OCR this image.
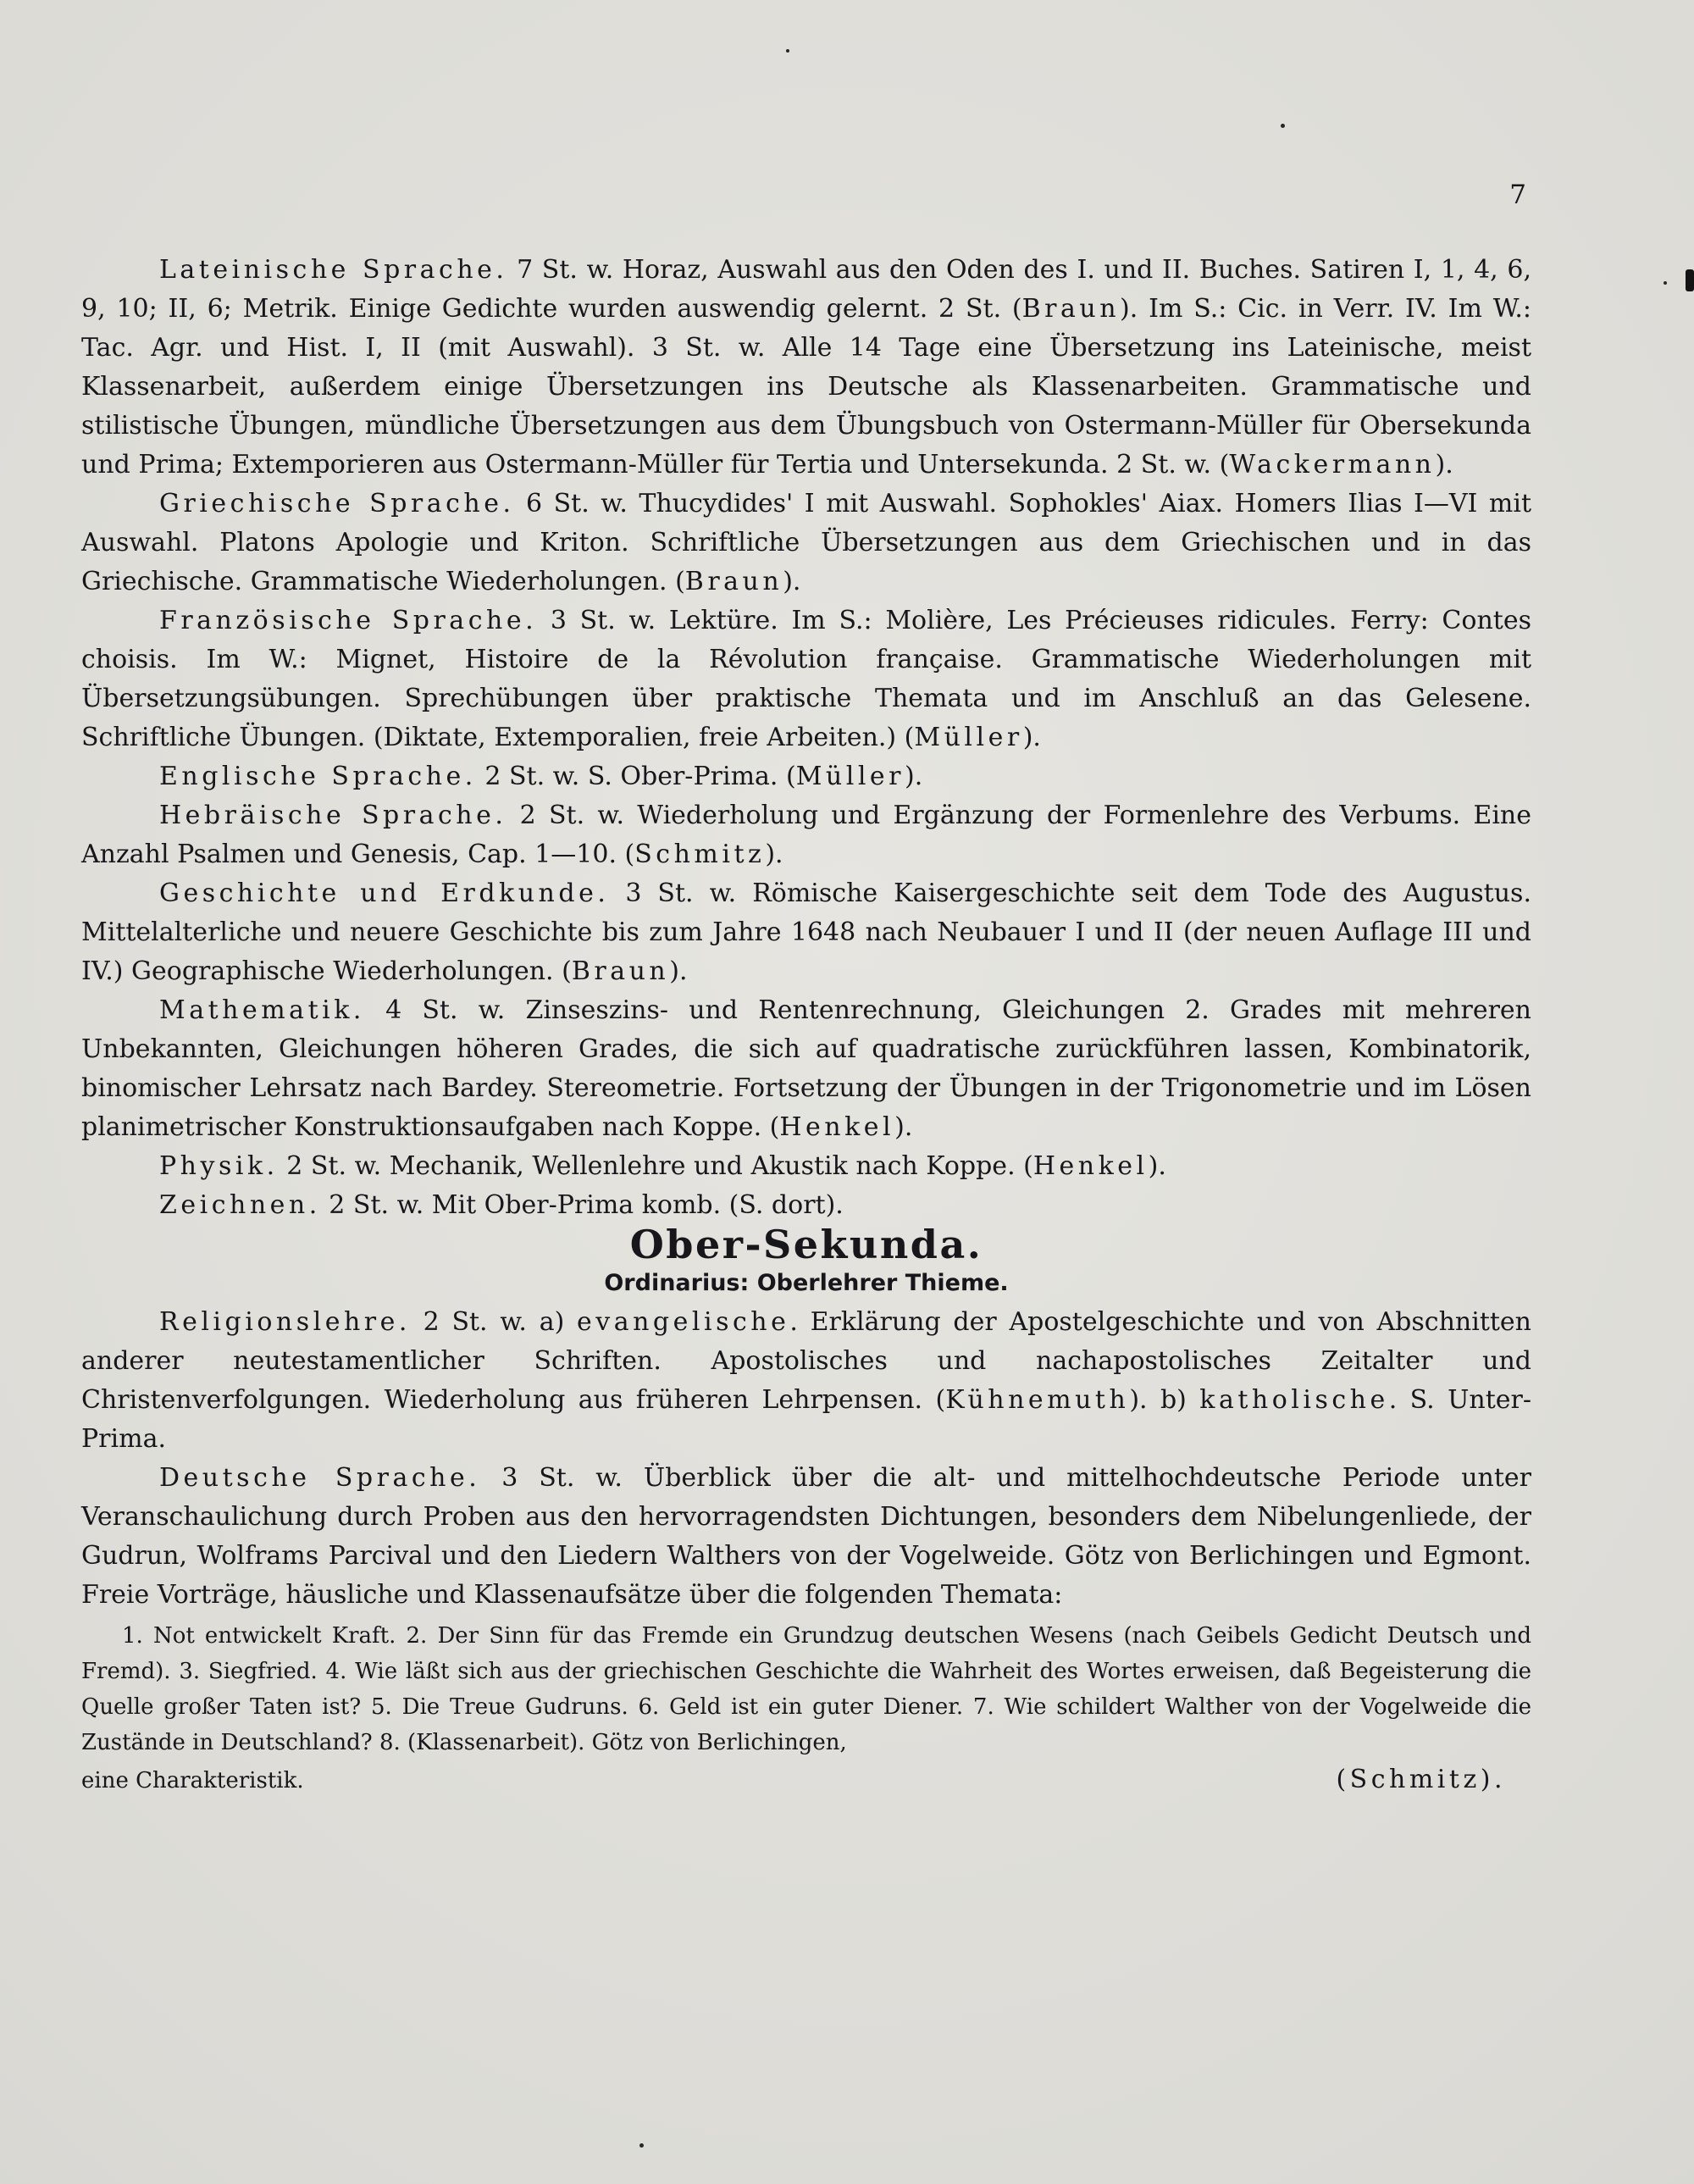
7

Lateinische Sprache. 7 St. w. Horaz, Auswahl aus den Oden des I. und II. Buches. Satiren I, 1, 4, 6, 9, 10; II, 6; Metrik. Einige Gedichte wurden auswendig gelernt. 2 St. (Braun). Im S.: Cic. in Verr. IV. Im W.: Tac. Agr. und Hist. I, II (mit Auswahl). 3 St. w. Alle 14 Tage eine Übersetzung ins Lateinische, meist Klassenarbeit, außerdem einige Übersetzungen ins Deutsche als Klassenarbeiten. Grammatische und stilistische Übungen, mündliche Übersetzungen aus dem Übungsbuch von Ostermann-Müller für Obersekunda und Prima; Extemporieren aus Ostermann-Müller für Tertia und Untersekunda. 2 St. w. (Wackermann).

Griechische Sprache. 6 St. w. Thucydides' I mit Auswahl. Sophokles' Aiax. Homers Ilias I—VI mit Auswahl. Platons Apologie und Kriton. Schriftliche Übersetzungen aus dem Griechischen und in das Griechische. Grammatische Wiederholungen. (Braun).

Französische Sprache. 3 St. w. Lektüre. Im S.: Molière, Les Précieuses ridicules. Ferry: Contes choisis. Im W.: Mignet, Histoire de la Révolution française. Grammatische Wiederholungen mit Übersetzungsübungen. Sprechübungen über praktische Themata und im Anschluß an das Gelesene. Schriftliche Übungen. (Diktate, Extemporalien, freie Arbeiten.) (Müller).

Englische Sprache. 2 St. w. S. Ober-Prima. (Müller).

Hebräische Sprache. 2 St. w. Wiederholung und Ergänzung der Formenlehre des Verbums. Eine Anzahl Psalmen und Genesis, Cap. 1—10. (Schmitz).

Geschichte und Erdkunde. 3 St. w. Römische Kaisergeschichte seit dem Tode des Augustus. Mittelalterliche und neuere Geschichte bis zum Jahre 1648 nach Neubauer I und II (der neuen Auflage III und IV.) Geographische Wiederholungen. (Braun).

Mathematik. 4 St. w. Zinseszins- und Rentenrechnung, Gleichungen 2. Grades mit mehreren Unbekannten, Gleichungen höheren Grades, die sich auf quadratische zurückführen lassen, Kombinatorik, binomischer Lehrsatz nach Bardey. Stereometrie. Fortsetzung der Übungen in der Trigonometrie und im Lösen planimetrischer Konstruktionsaufgaben nach Koppe. (Henkel).

Physik. 2 St. w. Mechanik, Wellenlehre und Akustik nach Koppe. (Henkel).

Zeichnen. 2 St. w. Mit Ober-Prima komb. (S. dort).

Ober-Sekunda.
Ordinarius: Oberlehrer Thieme.

Religionslehre. 2 St. w. a) evangelische. Erklärung der Apostelgeschichte und von Abschnitten anderer neutestamentlicher Schriften. Apostolisches und nachapostolisches Zeitalter und Christenverfolgungen. Wiederholung aus früheren Lehrpensen. (Kühnemuth). b) katholische. S. Unter-Prima.

Deutsche Sprache. 3 St. w. Überblick über die alt- und mittelhochdeutsche Periode unter Veranschaulichung durch Proben aus den hervorragendsten Dichtungen, besonders dem Nibelungenliede, der Gudrun, Wolframs Parcival und den Liedern Walthers von der Vogelweide. Götz von Berlichingen und Egmont. Freie Vorträge, häusliche und Klassenaufsätze über die folgenden Themata:

1. Not entwickelt Kraft. 2. Der Sinn für das Fremde ein Grundzug deutschen Wesens (nach Geibels Gedicht Deutsch und Fremd). 3. Siegfried. 4. Wie läßt sich aus der griechischen Geschichte die Wahrheit des Wortes erweisen, daß Begeisterung die Quelle großer Taten ist? 5. Die Treue Gudruns. 6. Geld ist ein guter Diener. 7. Wie schildert Walther von der Vogelweide die Zustände in Deutschland? 8. (Klassenarbeit). Götz von Berlichingen,

eine Charakteristik.	(Schmitz).
